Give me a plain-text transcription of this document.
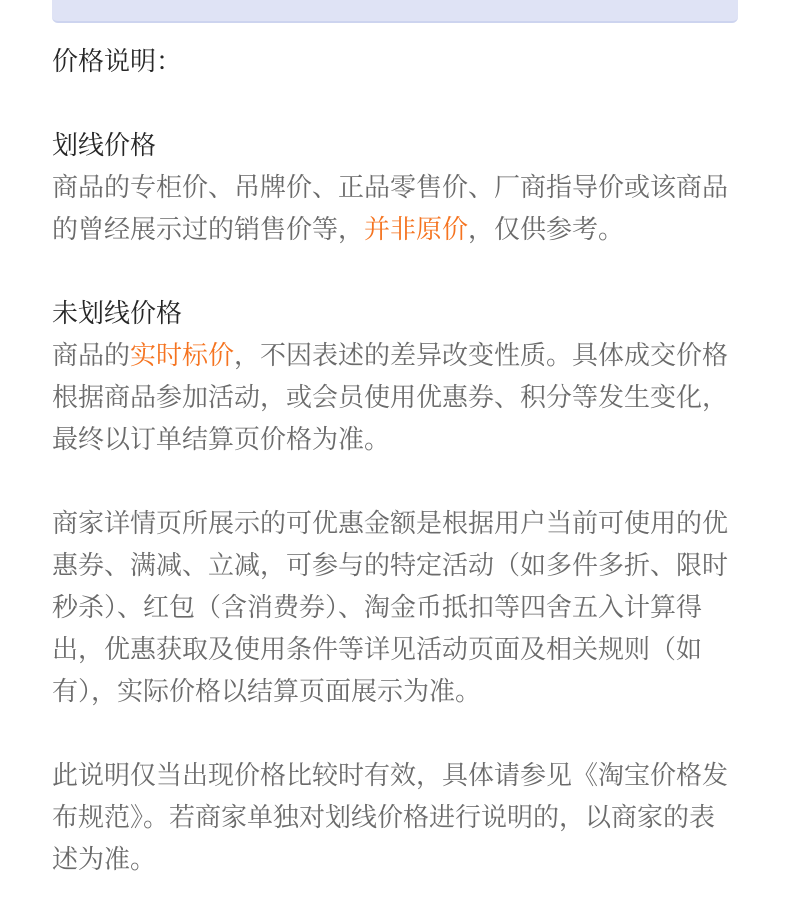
价格说明：
划线价格
商品的专柜价、吊牌价、正品零售价、厂商指导价或该商品
的曾经展示过的销售价等，并非原价，仅供参考。
未划线价格
商品的实时标价，不因表述的差异改变性质。具体成交价格
根据商品参加活动，或会员使用优惠券、积分等发生变化，
最终以订单结算页价格为准。
商家详情页所展示的可优惠金额是根据用户当前可使用的优
惠券、满减、立减，可参与的特定活动（如多件多折、限时
秒杀）、红包（含消费券）、淘金币抵扣等四舍五入计算得
出，优惠获取及使用条件等详见活动页面及相关规则（如
有），实际价格以结算页面展示为准。
此说明仅当出现价格比较时有效，具体请参见《淘宝价格发
布规范》。若商家单独对划线价格进行说明的，以商家的表
述为准。
